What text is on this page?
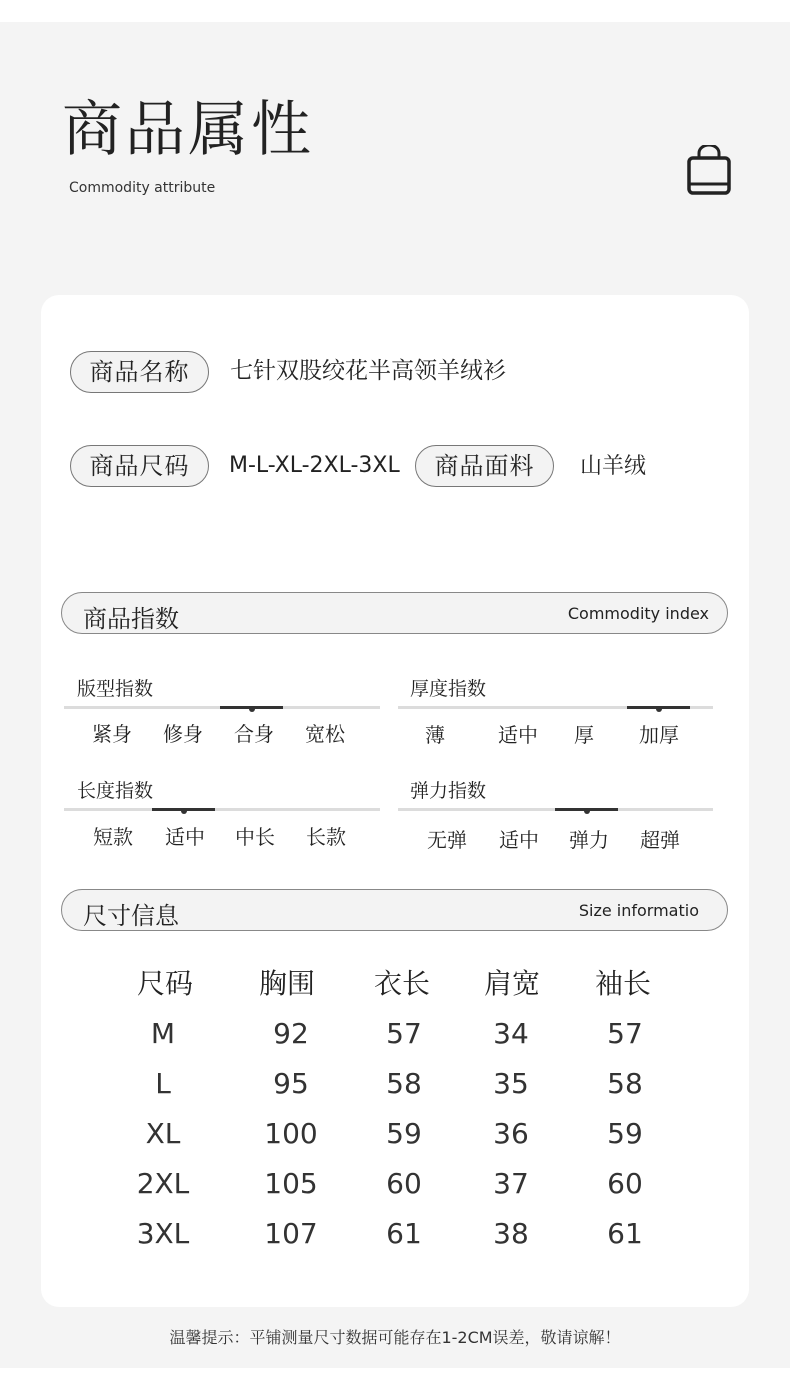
商品属性
Commodity attribute
商品名称	七针双股绞花半高领羊绒衫
商品尺码	M-L-XL-2XL-3XL	商品面料	山羊绒
商品指数	Commodity index
版型指数
紧身	修身	合身	宽松
厚度指数
薄	适中	厚	加厚
长度指数
短款	适中	中长	长款
弹力指数
无弹	适中	弹力	超弹
尺寸信息	Size informatio
尺码	胸围	衣长	肩宽	袖长
M	92	57	34	57
L	95	58	35	58
XL	100	59	36	59
2XL	105	60	37	60
3XL	107	61	38	61
温馨提示：平铺测量尺寸数据可能存在1-2CM误差，敬请谅解！
